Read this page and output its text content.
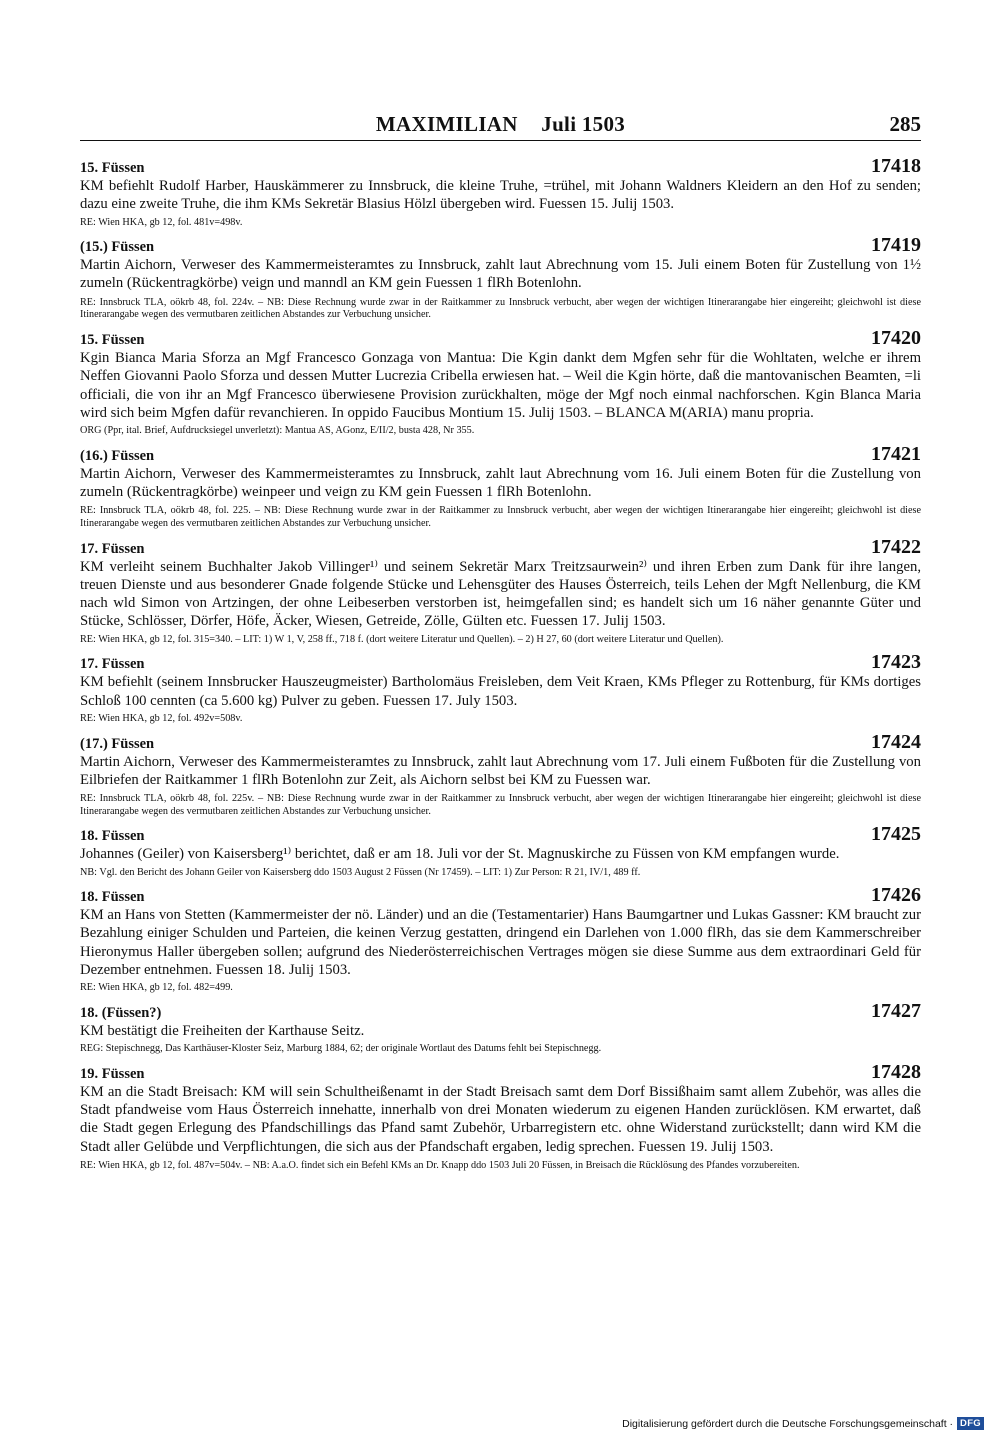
MAXIMILIAN Juli 1503	285
15. Füssen	17418
KM befiehlt Rudolf Harber, Hauskämmerer zu Innsbruck, die kleine Truhe, =trühel, mit Johann Waldners Kleidern an den Hof zu senden; dazu eine zweite Truhe, die ihm KMs Sekretär Blasius Hölzl übergeben wird. Fuessen 15. Julij 1503.
RE: Wien HKA, gb 12, fol. 481v=498v.
(15.) Füssen	17419
Martin Aichorn, Verweser des Kammermeisteramtes zu Innsbruck, zahlt laut Abrechnung vom 15. Juli einem Boten für Zustellung von 1½ zumeln (Rückentragkörbe) veign und manndl an KM gein Fuessen 1 flRh Botenlohn.
RE: Innsbruck TLA, oökrb 48, fol. 224v. – NB: Diese Rechnung wurde zwar in der Raitkammer zu Innsbruck verbucht, aber wegen der wichtigen Itinerarangabe hier eingereiht; gleichwohl ist diese Itinerarangabe wegen des vermutbaren zeitlichen Abstandes zur Verbuchung unsicher.
15. Füssen	17420
Kgin Bianca Maria Sforza an Mgf Francesco Gonzaga von Mantua: Die Kgin dankt dem Mgfen sehr für die Wohltaten, welche er ihrem Neffen Giovanni Paolo Sforza und dessen Mutter Lucrezia Cribella erwiesen hat. – Weil die Kgin hörte, daß die mantovanischen Beamten, =li officiali, die von ihr an Mgf Francesco überwiesene Provision zurückhalten, möge der Mgf noch einmal nachforschen. Kgin Blanca Maria wird sich beim Mgfen dafür revanchieren. In oppido Faucibus Montium 15. Julij 1503. – BLANCA M(ARIA) manu propria.
ORG (Ppr, ital. Brief, Aufdrucksiegel unverletzt): Mantua AS, AGonz, E/II/2, busta 428, Nr 355.
(16.) Füssen	17421
Martin Aichorn, Verweser des Kammermeisteramtes zu Innsbruck, zahlt laut Abrechnung vom 16. Juli einem Boten für die Zustellung von zumeln (Rückentragkörbe) weinpeer und veign zu KM gein Fuessen 1 flRh Botenlohn.
RE: Innsbruck TLA, oökrb 48, fol. 225. – NB: Diese Rechnung wurde zwar in der Raitkammer zu Innsbruck verbucht, aber wegen der wichtigen Itinerarangabe hier eingereiht; gleichwohl ist diese Itinerarangabe wegen des vermutbaren zeitlichen Abstandes zur Verbuchung unsicher.
17. Füssen	17422
KM verleiht seinem Buchhalter Jakob Villinger¹⁾ und seinem Sekretär Marx Treitzsaurwein²⁾ und ihren Erben zum Dank für ihre langen, treuen Dienste und aus besonderer Gnade folgende Stücke und Lehensgüter des Hauses Österreich, teils Lehen der Mgft Nellenburg, die KM nach wld Simon von Artzingen, der ohne Leibeserben verstorben ist, heimgefallen sind; es handelt sich um 16 näher genannte Güter und Stücke, Schlösser, Dörfer, Höfe, Äcker, Wiesen, Getreide, Zölle, Gülten etc. Fuessen 17. Julij 1503.
RE: Wien HKA, gb 12, fol. 315=340. – LIT: 1) W 1, V, 258 ff., 718 f. (dort weitere Literatur und Quellen). – 2) H 27, 60 (dort weitere Literatur und Quellen).
17. Füssen	17423
KM befiehlt (seinem Innsbrucker Hauszeugmeister) Bartholomäus Freisleben, dem Veit Kraen, KMs Pfleger zu Rottenburg, für KMs dortiges Schloß 100 cennten (ca 5.600 kg) Pulver zu geben. Fuessen 17. July 1503.
RE: Wien HKA, gb 12, fol. 492v=508v.
(17.) Füssen	17424
Martin Aichorn, Verweser des Kammermeisteramtes zu Innsbruck, zahlt laut Abrechnung vom 17. Juli einem Fußboten für die Zustellung von Eilbriefen der Raitkammer 1 flRh Botenlohn zur Zeit, als Aichorn selbst bei KM zu Fuessen war.
RE: Innsbruck TLA, oökrb 48, fol. 225v. – NB: Diese Rechnung wurde zwar in der Raitkammer zu Innsbruck verbucht, aber wegen der wichtigen Itinerarangabe hier eingereiht; gleichwohl ist diese Itinerarangabe wegen des vermutbaren zeitlichen Abstandes zur Verbuchung unsicher.
18. Füssen	17425
Johannes (Geiler) von Kaisersberg¹⁾ berichtet, daß er am 18. Juli vor der St. Magnuskirche zu Füssen von KM empfangen wurde.
NB: Vgl. den Bericht des Johann Geiler von Kaisersberg ddo 1503 August 2 Füssen (Nr 17459). – LIT: 1) Zur Person: R 21, IV/1, 489 ff.
18. Füssen	17426
KM an Hans von Stetten (Kammermeister der nö. Länder) und an die (Testamentarier) Hans Baumgartner und Lukas Gassner: KM braucht zur Bezahlung einiger Schulden und Parteien, die keinen Verzug gestatten, dringend ein Darlehen von 1.000 flRh, das sie dem Kammerschreiber Hieronymus Haller übergeben sollen; aufgrund des Niederösterreichischen Vertrages mögen sie diese Summe aus dem extraordinari Geld für Dezember entnehmen. Fuessen 18. Julij 1503.
RE: Wien HKA, gb 12, fol. 482=499.
18. (Füssen?)	17427
KM bestätigt die Freiheiten der Karthause Seitz.
REG: Stepischnegg, Das Karthäuser-Kloster Seiz, Marburg 1884, 62; der originale Wortlaut des Datums fehlt bei Stepischnegg.
19. Füssen	17428
KM an die Stadt Breisach: KM will sein Schultheißenamt in der Stadt Breisach samt dem Dorf Bissißhaim samt allem Zubehör, was alles die Stadt pfandweise vom Haus Österreich innehatte, innerhalb von drei Monaten wiederum zu eigenen Handen zurücklösen. KM erwartet, daß die Stadt gegen Erlegung des Pfandschillings das Pfand samt Zubehör, Urbarregistern etc. ohne Widerstand zurückstellt; dann wird KM die Stadt aller Gelübde und Verpflichtungen, die sich aus der Pfandschaft ergaben, ledig sprechen. Fuessen 19. Julij 1503.
RE: Wien HKA, gb 12, fol. 487v=504v. – NB: A.a.O. findet sich ein Befehl KMs an Dr. Knapp ddo 1503 Juli 20 Füssen, in Breisach die Rücklösung des Pfandes vorzubereiten.
Digitalisierung gefördert durch die Deutsche Forschungsgemeinschaft · DFG
